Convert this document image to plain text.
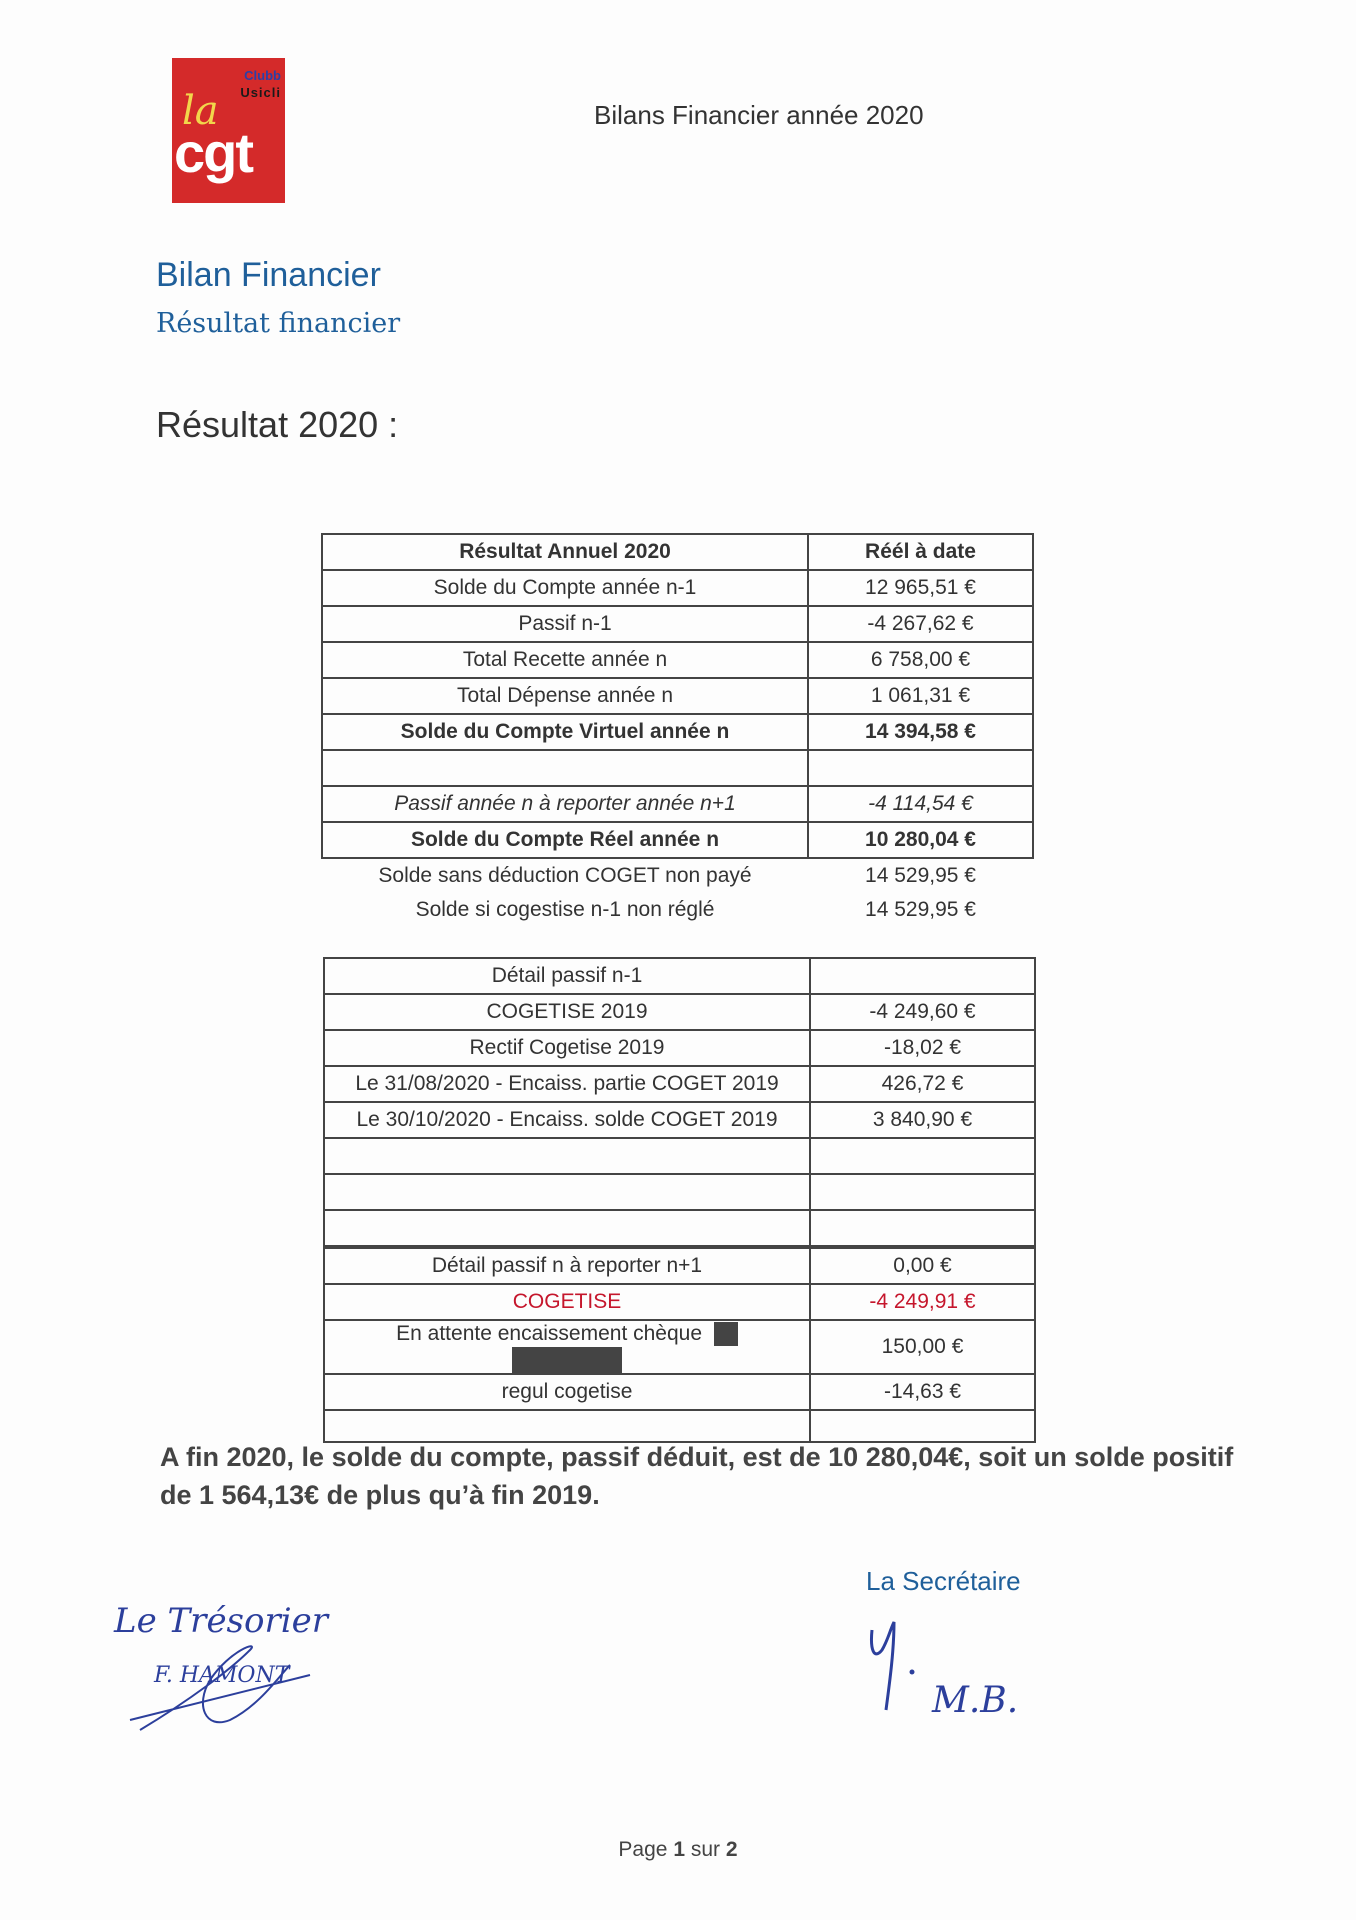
Clubb
Usicli
la
cgt
Bilans Financier année 2020
Bilan Financier
Résultat financier
Résultat 2020 :
Résultat Annuel 2020	Réél à date
Solde du Compte année n-1	12 965,51 €
Passif n-1	-4 267,62 €
Total Recette année n	6 758,00 €
Total Dépense année n	1 061,31 €
Solde du Compte Virtuel année n	14 394,58 €

Passif année n à reporter année n+1	-4 114,54 €
Solde du Compte Réel année n	10 280,04 €
Solde sans déduction COGET non payé	14 529,95 €
Solde si cogestise n-1 non réglé	14 529,95 €
Détail passif n-1	
COGETISE 2019	-4 249,60 €
Rectif Cogetise 2019	-18,02 €
Le 31/08/2020 - Encaiss. partie COGET 2019	426,72 €
Le 30/10/2020 - Encaiss. solde COGET 2019	3 840,90 €

Détail passif n à reporter n+1	0,00 €
COGETISE	-4 249,91 €
En attente encaissement chèque	150,00 €
regul cogetise	-14,63 €

A fin 2020, le solde du compte, passif déduit, est de 10 280,04€, soit un solde positif de 1 564,13€ de plus qu’à fin 2019.
La Secrétaire
Le Trésorier
F. HAMONT
M.B.
Page 1 sur 2
